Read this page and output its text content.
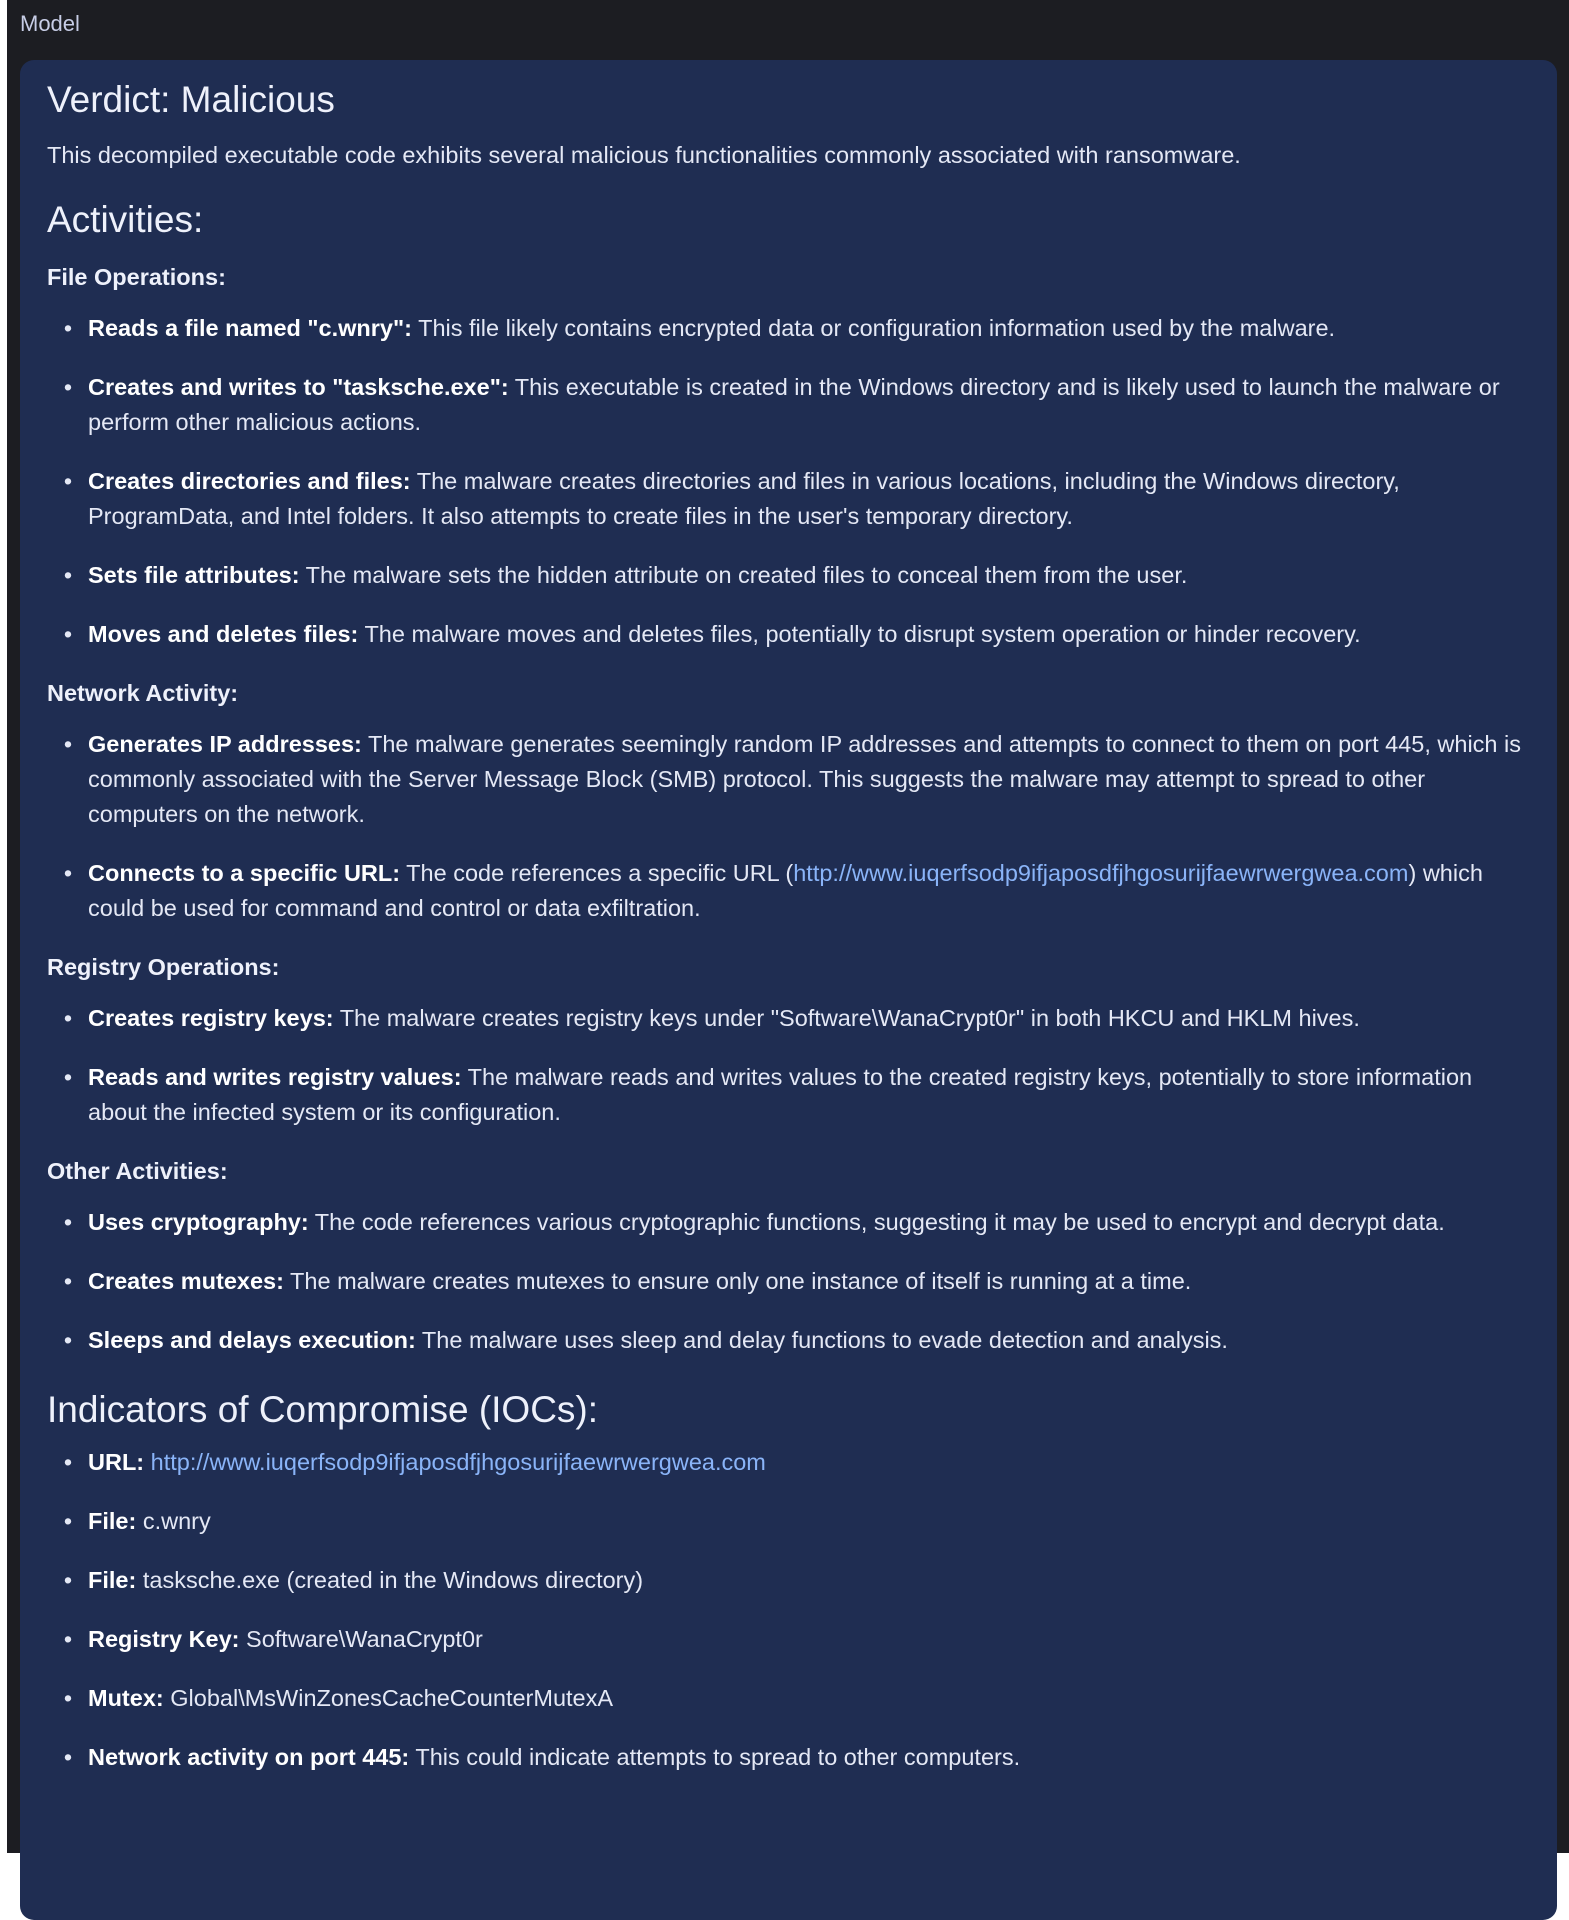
Model
Verdict: Malicious

This decompiled executable code exhibits several malicious functionalities commonly associated with ransomware.

Activities:
File Operations:
• Reads a file named "c.wnry": This file likely contains encrypted data or configuration information used by the malware.
• Creates and writes to "tasksche.exe": This executable is created in the Windows directory and is likely used to launch the malware or perform other malicious actions.
• Creates directories and files: The malware creates directories and files in various locations, including the Windows directory, ProgramData, and Intel folders. It also attempts to create files in the user's temporary directory.
• Sets file attributes: The malware sets the hidden attribute on created files to conceal them from the user.
• Moves and deletes files: The malware moves and deletes files, potentially to disrupt system operation or hinder recovery.
Network Activity:
• Generates IP addresses: The malware generates seemingly random IP addresses and attempts to connect to them on port 445, which is commonly associated with the Server Message Block (SMB) protocol. This suggests the malware may attempt to spread to other computers on the network.
• Connects to a specific URL: The code references a specific URL (http://www.iuqerfsodp9ifjaposdfjhgosurijfaewrwergwea.com) which could be used for command and control or data exfiltration.
Registry Operations:
• Creates registry keys: The malware creates registry keys under "Software\WanaCrypt0r" in both HKCU and HKLM hives.
• Reads and writes registry values: The malware reads and writes values to the created registry keys, potentially to store information about the infected system or its configuration.
Other Activities:
• Uses cryptography: The code references various cryptographic functions, suggesting it may be used to encrypt and decrypt data.
• Creates mutexes: The malware creates mutexes to ensure only one instance of itself is running at a time.
• Sleeps and delays execution: The malware uses sleep and delay functions to evade detection and analysis.
Indicators of Compromise (IOCs):
• URL: http://www.iuqerfsodp9ifjaposdfjhgosurijfaewrwergwea.com
• File: c.wnry
• File: tasksche.exe (created in the Windows directory)
• Registry Key: Software\WanaCrypt0r
• Mutex: Global\MsWinZonesCacheCounterMutexA
• Network activity on port 445: This could indicate attempts to spread to other computers.
